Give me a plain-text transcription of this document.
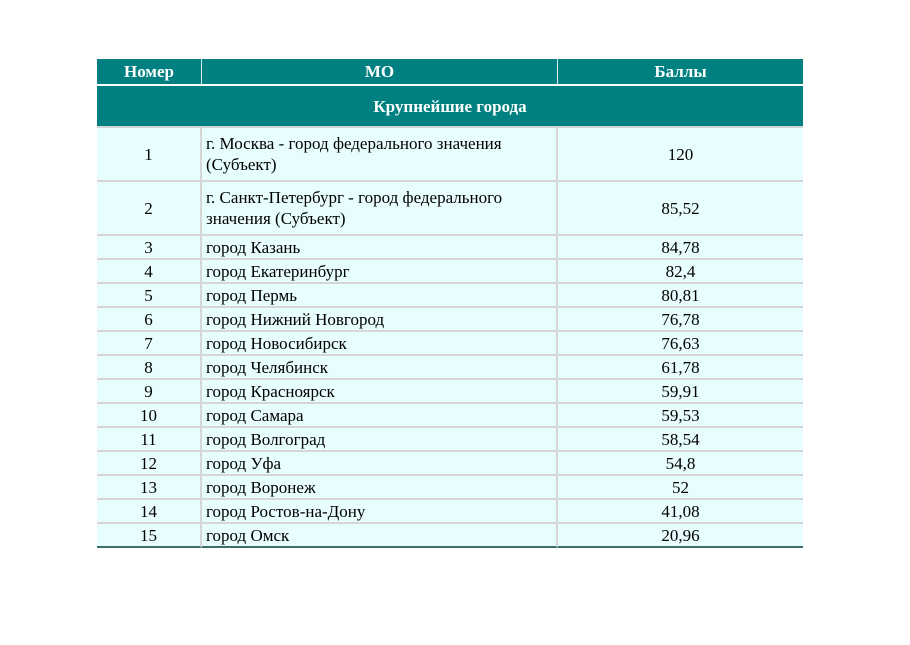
Номер	МО	Баллы
Крупнейшие города		
1	г. Москва - город федерального значения (Субъект)	120
2	г. Санкт-Петербург - город федерального значения (Субъект)	85,52
3	город Казань	84,78
4	город Екатеринбург	82,4
5	город Пермь	80,81
6	город Нижний Новгород	76,78
7	город Новосибирск	76,63
8	город Челябинск	61,78
9	город Красноярск	59,91
10	город Самара	59,53
11	город Волгоград	58,54
12	город Уфа	54,8
13	город Воронеж	52
14	город Ростов-на-Дону	41,08
15	город Омск	20,96
